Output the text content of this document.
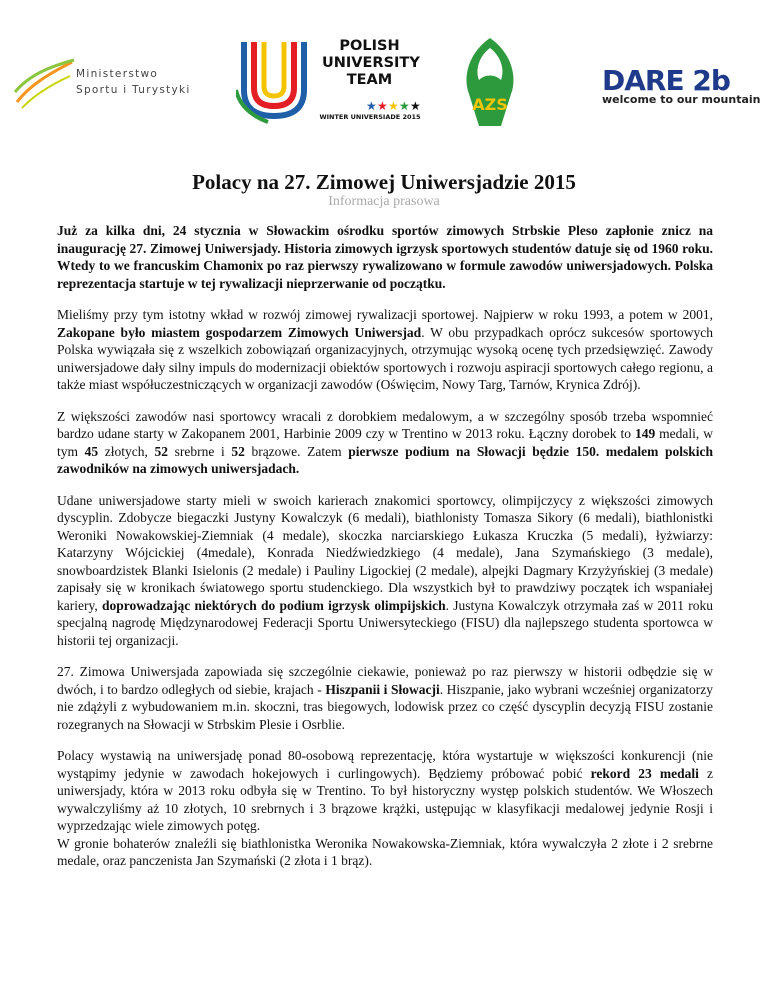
Ministerstwo
Sportu i Turystyki
★ ★ ★ ★ ★
POLISH
UNIVERSITY
TEAM
WINTER UNIVERSIADE 2015
AZS
DARE 2b
welcome to our mountain
Polacy na 27. Zimowej Uniwersjadzie 2015
Informacja prasowa

Już za kilka dni, 24 stycznia w Słowackim ośrodku sportów zimowych Strbskie Pleso zapłonie znicz na inaugurację 27. Zimowej Uniwersjady. Historia zimowych igrzysk sportowych studentów datuje się od 1960 roku. Wtedy to we francuskim Chamonix po raz pierwszy rywalizowano w formule zawodów uniwersjadowych. Polska reprezentacja startuje w tej rywalizacji nieprzerwanie od początku.

Mieliśmy przy tym istotny wkład w rozwój zimowej rywalizacji sportowej. Najpierw w roku 1993, a potem w 2001, Zakopane było miastem gospodarzem Zimowych Uniwersjad. W obu przypadkach oprócz sukcesów sportowych Polska wywiązała się z wszelkich zobowiązań organizacyjnych, otrzymując wysoką ocenę tych przedsięwzięć. Zawody uniwersjadowe dały silny impuls do modernizacji obiektów sportowych i rozwoju aspiracji sportowych całego regionu, a także miast współuczestniczących w organizacji zawodów (Oświęcim, Nowy Targ, Tarnów, Krynica Zdrój).

Z większości zawodów nasi sportowcy wracali z dorobkiem medalowym, a w szczególny sposób trzeba wspomnieć bardzo udane starty w Zakopanem 2001, Harbinie 2009 czy w Trentino w 2013 roku. Łączny dorobek to 149 medali, w tym 45 złotych, 52 srebrne i 52 brązowe. Zatem pierwsze podium na Słowacji będzie 150. medalem polskich zawodników na zimowych uniwersjadach.

Udane uniwersjadowe starty mieli w swoich karierach znakomici sportowcy, olimpijczycy z większości zimowych dyscyplin. Zdobycze biegaczki Justyny Kowalczyk (6 medali), biathlonisty Tomasza Sikory (6 medali), biathlonistki Weroniki Nowakowskiej-Ziemniak (4 medale), skoczka narciarskiego Łukasza Kruczka (5 medali), łyżwiarzy: Katarzyny Wójcickiej (4medale), Konrada Niedźwiedzkiego (4 medale), Jana Szymańskiego (3 medale), snowboardzistek Blanki Isielonis (2 medale) i Pauliny Ligockiej (2 medale), alpejki Dagmary Krzyżyńskiej (3 medale) zapisały się w kronikach światowego sportu studenckiego. Dla wszystkich był to prawdziwy początek ich wspaniałej kariery, doprowadzając niektórych do podium igrzysk olimpijskich. Justyna Kowalczyk otrzymała zaś w 2011 roku specjalną nagrodę Międzynarodowej Federacji Sportu Uniwersyteckiego (FISU) dla najlepszego studenta sportowca w historii tej organizacji.

27. Zimowa Uniwersjada zapowiada się szczególnie ciekawie, ponieważ po raz pierwszy w historii odbędzie się w dwóch, i to bardzo odległych od siebie, krajach - Hiszpanii i Słowacji. Hiszpanie, jako wybrani wcześniej organizatorzy nie zdążyli z wybudowaniem m.in. skoczni, tras biegowych, lodowisk przez co część dyscyplin decyzją FISU zostanie rozegranych na Słowacji w Strbskim Plesie i Osrblie.

Polacy wystawią na uniwersjadę ponad 80-osobową reprezentację, która wystartuje w większości konkurencji (nie wystąpimy jedynie w zawodach hokejowych i curlingowych). Będziemy próbować pobić rekord 23 medali z uniwersjady, która w 2013 roku odbyła się w Trentino. To był historyczny występ polskich studentów. We Włoszech wywalczyliśmy aż 10 złotych, 10 srebrnych i 3 brązowe krążki, ustępując w klasyfikacji medalowej jedynie Rosji i wyprzedzając wiele zimowych potęg.
W gronie bohaterów znaleźli się biathlonistka Weronika Nowakowska-Ziemniak, która wywalczyła 2 złote i 2 srebrne medale, oraz panczenista Jan Szymański (2 złota i 1 brąz).
